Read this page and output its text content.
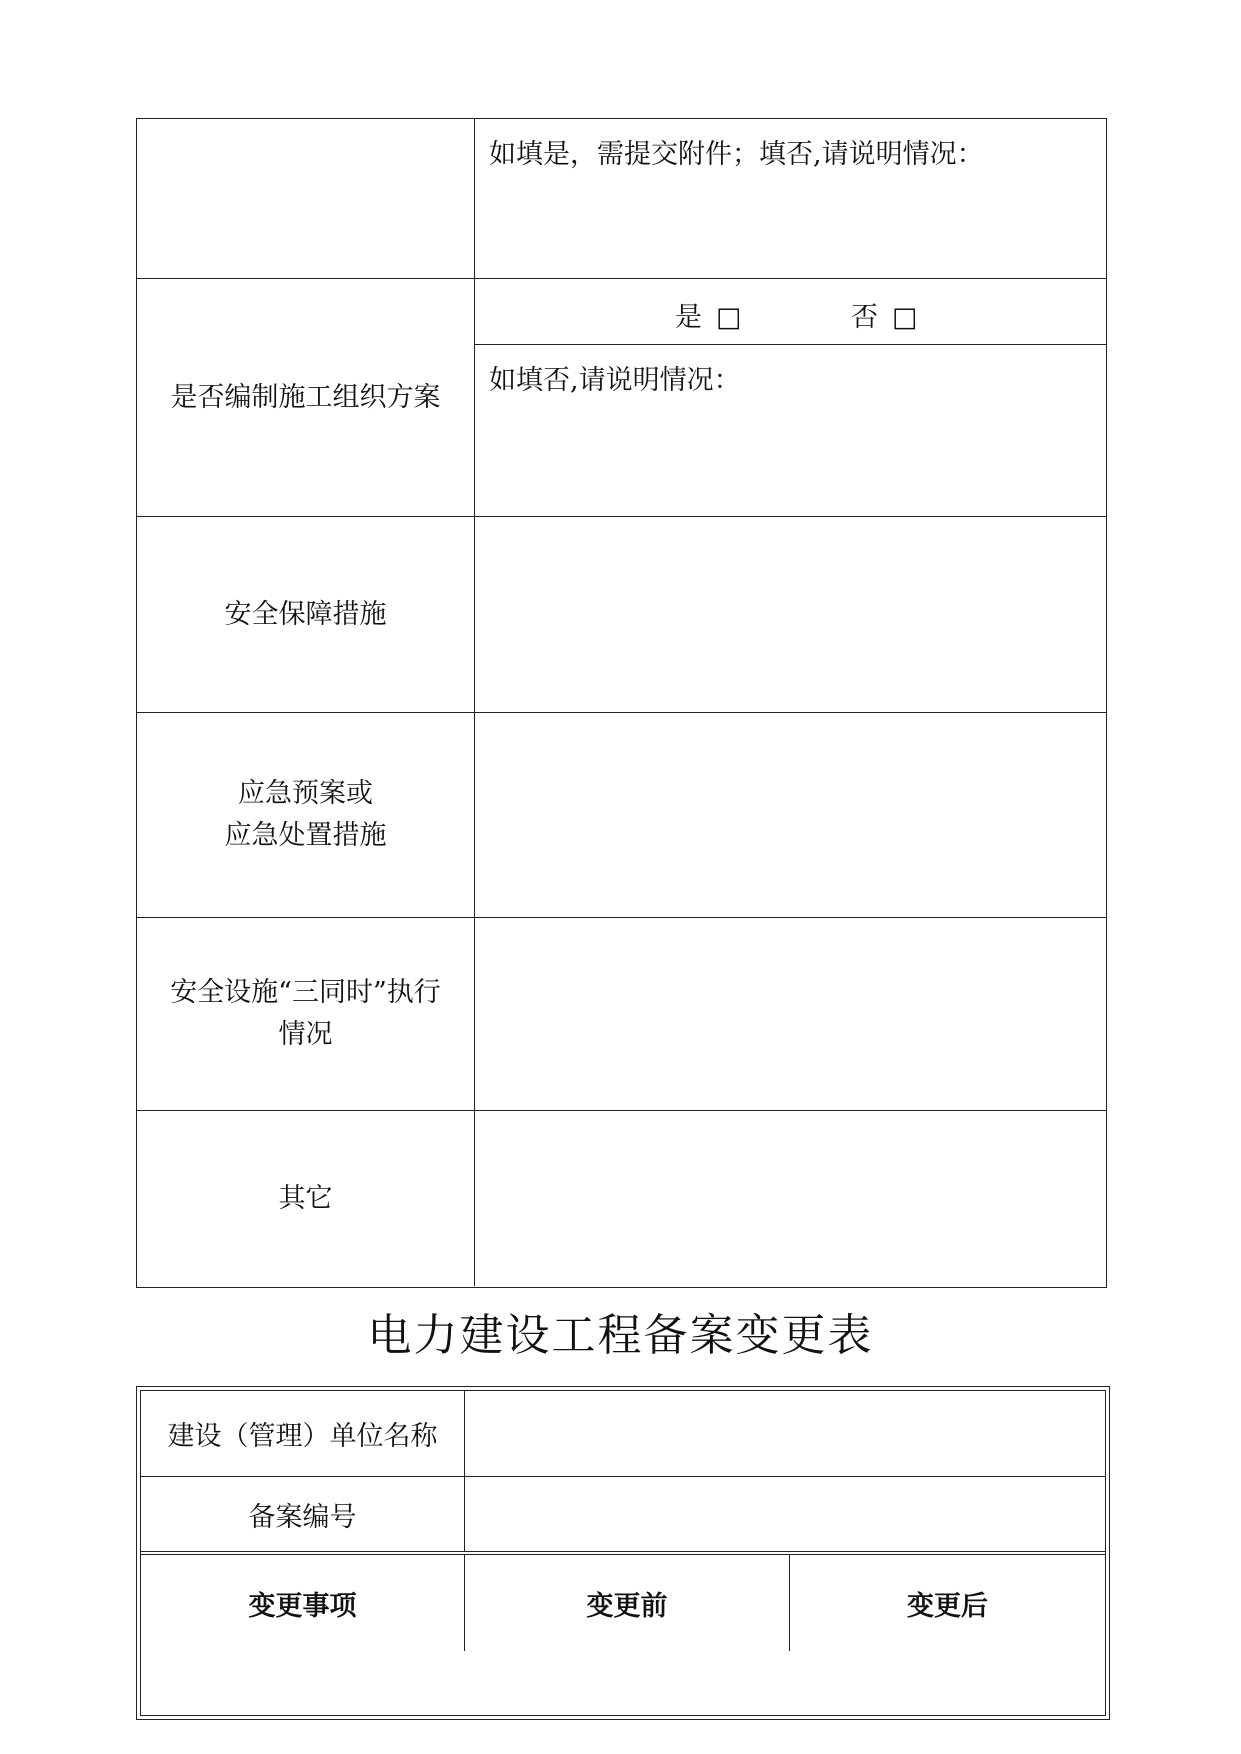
如填是，需提交附件；填否,请说明情况：
是否编制施工组织方案
是 □	否 □
如填否,请说明情况：
安全保障措施
应急预案或
应急处置措施
安全设施“三同时”执行
情况
其它
电力建设工程备案变更表
建设（管理）单位名称
备案编号
变更事项	变更前	变更后
